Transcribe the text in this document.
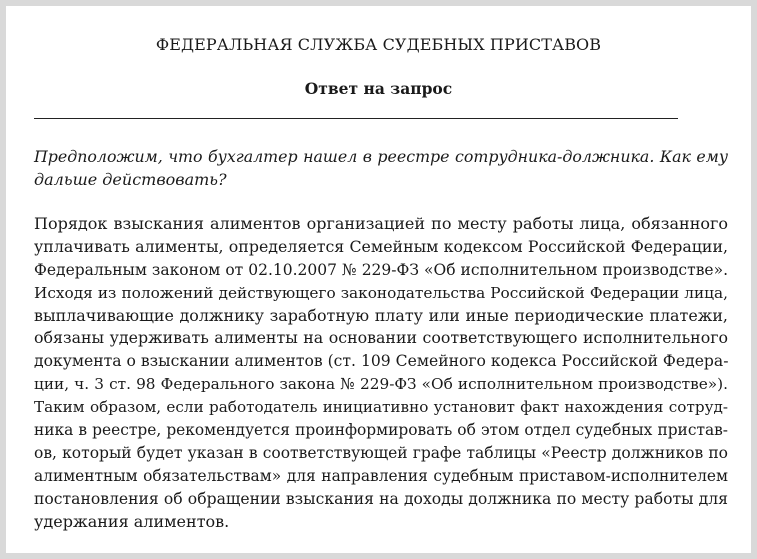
ФЕДЕРАЛЬНАЯ СЛУЖБА СУДЕБНЫХ ПРИСТАВОВ

Ответ на запрос

Предположим, что бухгалтер нашел в реестре сотрудника-должника. Как ему
дальше действовать?
Порядок взыскания алиментов организацией по месту работы лица, обязанного
уплачивать алименты, определяется Семейным кодексом Российской Федерации,
Федеральным законом от 02.10.2007 № 229-ФЗ «Об исполнительном производстве».
Исходя из положений действующего законодательства Российской Федерации лица,
выплачивающие должнику заработную плату или иные периодические платежи,
обязаны удерживать алименты на основании соответствующего исполнительного
документа о взыскании алиментов (ст. 109 Семейного кодекса Российской Федера-
ции, ч. 3 ст. 98 Федерального закона № 229-ФЗ «Об исполнительном производстве»).
Таким образом, если работодатель инициативно установит факт нахождения сотруд-
ника в реестре, рекомендуется проинформировать об этом отдел судебных пристав-
ов, который будет указан в соответствующей графе таблицы «Реестр должников по
алиментным обязательствам» для направления судебным приставом-исполнителем
постановления об обращении взыскания на доходы должника по месту работы для
удержания алиментов.
